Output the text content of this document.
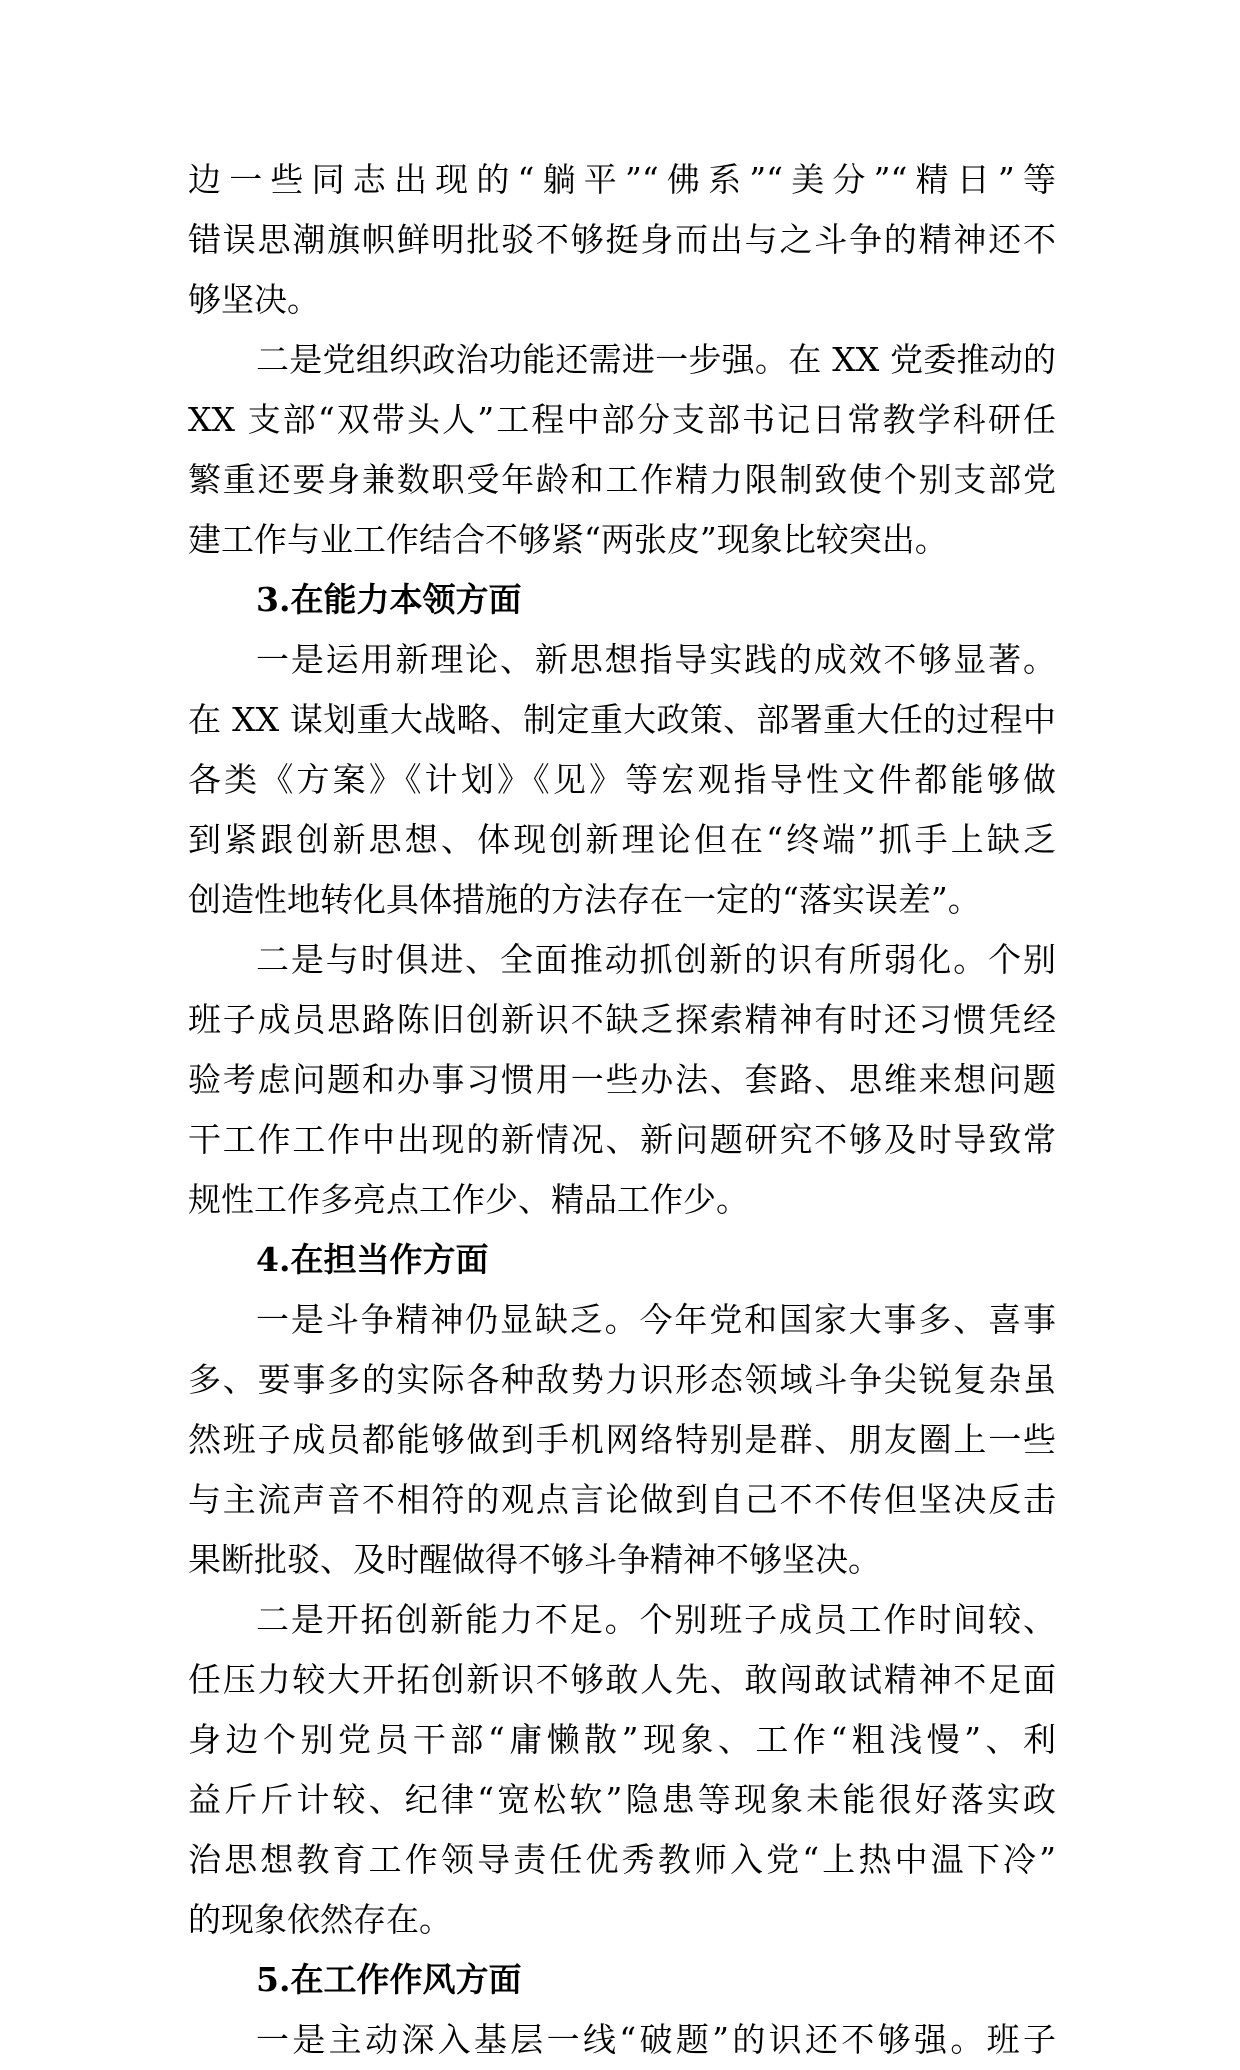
边一些同志出现的“躺平”“佛系”“美分”“精日”等
错误思潮旗帜鲜明批驳不够挺身而出与之斗争的精神还不
够坚决。
二是党组织政治功能还需进一步强。在 XX 党委推动的
XX 支部“双带头人”工程中部分支部书记日常教学科研任
繁重还要身兼数职受年龄和工作精力限制致使个别支部党
建工作与业工作结合不够紧“两张皮”现象比较突出。
3.在能力本领方面
一是运用新理论、新思想指导实践的成效不够显著。
在 XX 谋划重大战略、制定重大政策、部署重大任的过程中
各类《方案》《计划》《见》等宏观指导性文件都能够做
到紧跟创新思想、体现创新理论但在“终端”抓手上缺乏
创造性地转化具体措施的方法存在一定的“落实误差”。
二是与时俱进、全面推动抓创新的识有所弱化。个别
班子成员思路陈旧创新识不缺乏探索精神有时还习惯凭经
验考虑问题和办事习惯用一些办法、套路、思维来想问题
干工作工作中出现的新情况、新问题研究不够及时导致常
规性工作多亮点工作少、精品工作少。
4.在担当作方面
一是斗争精神仍显缺乏。今年党和国家大事多、喜事
多、要事多的实际各种敌势力识形态领域斗争尖锐复杂虽
然班子成员都能够做到手机网络特别是群、朋友圈上一些
与主流声音不相符的观点言论做到自己不不传但坚决反击
果断批驳、及时醒做得不够斗争精神不够坚决。
二是开拓创新能力不足。个别班子成员工作时间较、
任压力较大开拓创新识不够敢人先、敢闯敢试精神不足面
身边个别党员干部“庸懒散”现象、工作“粗浅慢”、利
益斤斤计较、纪律“宽松软”隐患等现象未能很好落实政
治思想教育工作领导责任优秀教师入党“上热中温下冷”
的现象依然存在。
5.在工作作风方面
一是主动深入基层一线“破题”的识还不够强。班子
